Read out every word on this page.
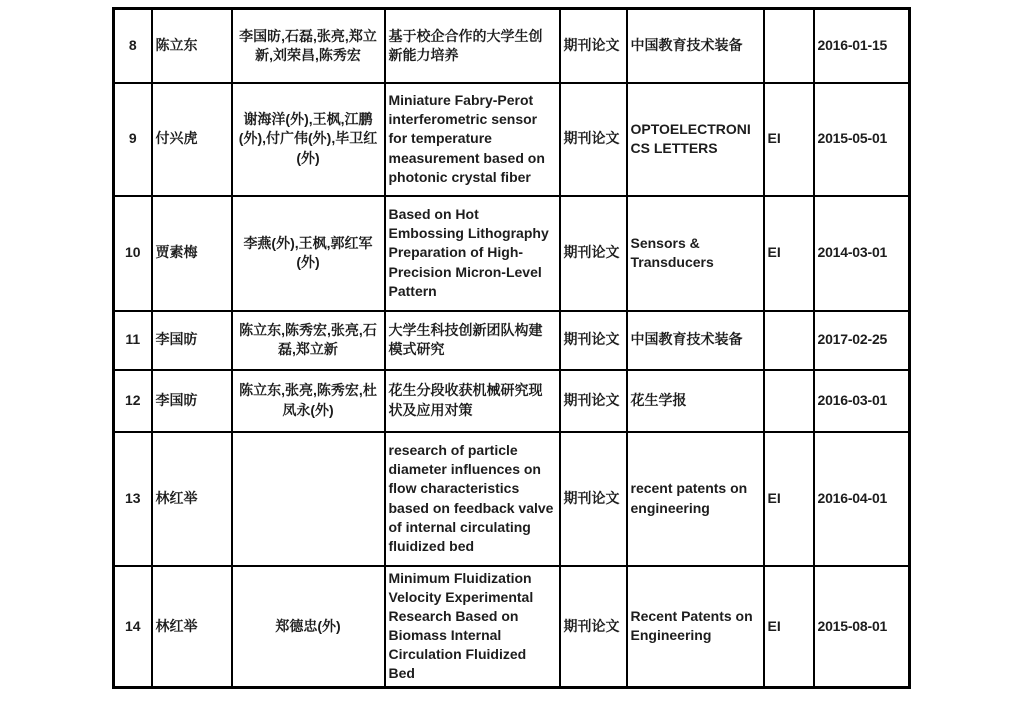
8	陈立东	李国昉,石磊,张亮,郑立新,刘荣昌,陈秀宏	基于校企合作的大学生创新能力培养	期刊论文	中国教育技术装备		2016-01-15
9	付兴虎	谢海洋(外),王枫,江鹏(外),付广伟(外),毕卫红(外)	Miniature Fabry-Perot interferometric sensor for temperature measurement based on photonic crystal fiber	期刊论文	OPTOELECTRONICS LETTERS	EI	2015-05-01
10	贾素梅	李燕(外),王枫,郭红军(外)	Based on Hot Embossing Lithography Preparation of High-Precision Micron-Level Pattern	期刊论文	Sensors & Transducers	EI	2014-03-01
11	李国昉	陈立东,陈秀宏,张亮,石磊,郑立新	大学生科技创新团队构建模式研究	期刊论文	中国教育技术装备		2017-02-25
12	李国昉	陈立东,张亮,陈秀宏,杜凤永(外)	花生分段收获机械研究现状及应用对策	期刊论文	花生学报		2016-03-01
13	林红举		research of particle diameter influences on flow characteristics based on feedback valve of internal circulating fluidized bed	期刊论文	recent patents on engineering	EI	2016-04-01
14	林红举	郑德忠(外)	Minimum Fluidization Velocity Experimental Research Based on Biomass Internal Circulation Fluidized Bed	期刊论文	Recent Patents on Engineering	EI	2015-08-01
